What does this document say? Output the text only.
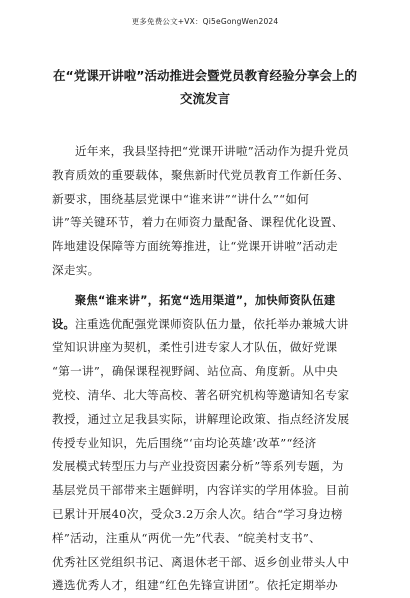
更多免费公文+VX：Qi5eGongWen2024
在“党课开讲啦”活动推进会暨党员教育经验分享会上的
交流发言
近年来，我县坚持把“党课开讲啦”活动作为提升党员
教育质效的重要载体，聚焦新时代党员教育工作新任务、
新要求，围绕基层党课中“谁来讲”“讲什么”“如何
讲”等关键环节，着力在师资力量配备、课程优化设置、
阵地建设保障等方面统筹推进，让“党课开讲啦”活动走
深走实。
聚焦“谁来讲”，拓宽“选用渠道”，加快师资队伍建
设。注重选优配强党课师资队伍力量，依托举办兼城大讲
堂知识讲座为契机，柔性引进专家人才队伍，做好党课
“第一讲”，确保课程视野阔、站位高、角度新。从中央
党校、清华、北大等高校、著名研究机构等邀请知名专家
教授，通过立足我县实际，讲解理论政策、指点经济发展
传授专业知识，先后围绕“‘亩均论英雄’改革”“经济
发展模式转型压力与产业投资因素分析”等系列专题，为
基层党员干部带来主题鲜明，内容详实的学用体验。目前
已累计开展40次，受众3.2万余人次。结合“学习身边榜
样”活动，注重从“两优一先”代表、“皖美村支书”、
优秀社区党组织书记、离退休老干部、返乡创业带头人中
遴选优秀人才，组建“红色先锋宣讲团”。依托定期举办
